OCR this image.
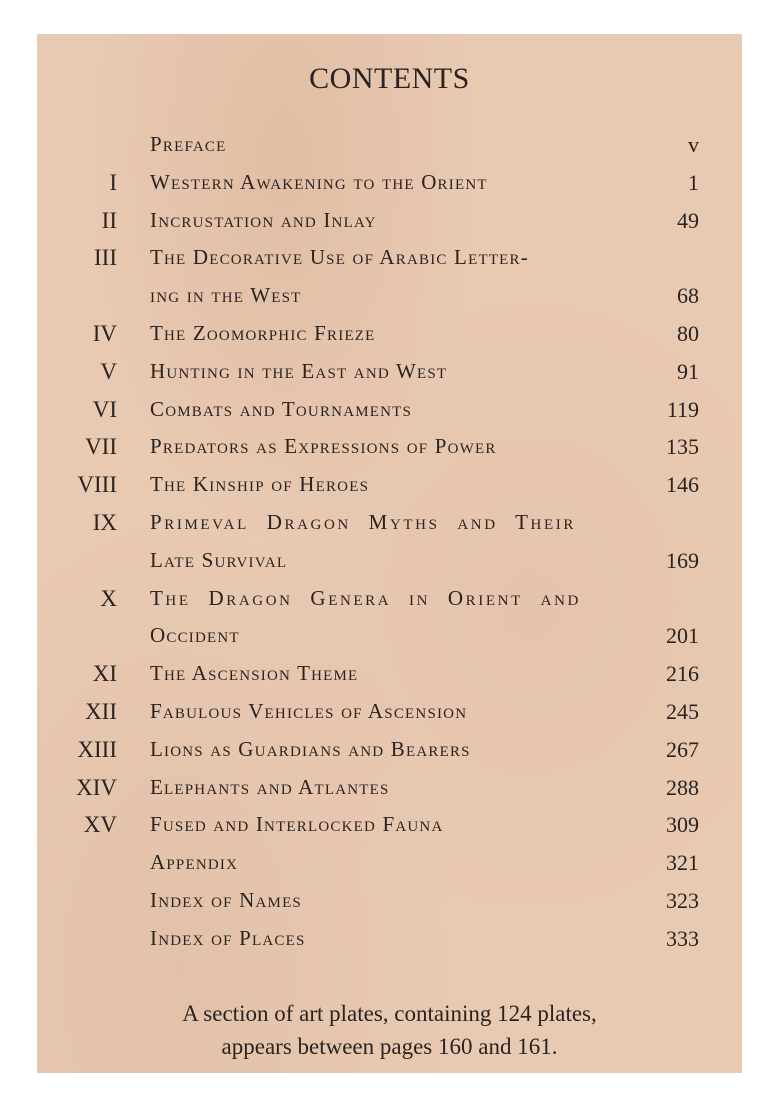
CONTENTS
Preface	v
I Western Awakening to the Orient	1
II Incrustation and Inlay	49
III The Decorative Use of Arabic Letter-
ing in the West	68
IV The Zoomorphic Frieze	80
V Hunting in the East and West	91
VI Combats and Tournaments	119
VII Predators as Expressions of Power	135
VIII The Kinship of Heroes	146
IX Primeval Dragon Myths and Their
Late Survival	169
X The Dragon Genera in Orient and
Occident	201
XI The Ascension Theme	216
XII Fabulous Vehicles of Ascension	245
XIII Lions as Guardians and Bearers	267
XIV Elephants and Atlantes	288
XV Fused and Interlocked Fauna	309
Appendix	321
Index of Names	323
Index of Places	333
A section of art plates, containing 124 plates,
appears between pages 160 and 161.
